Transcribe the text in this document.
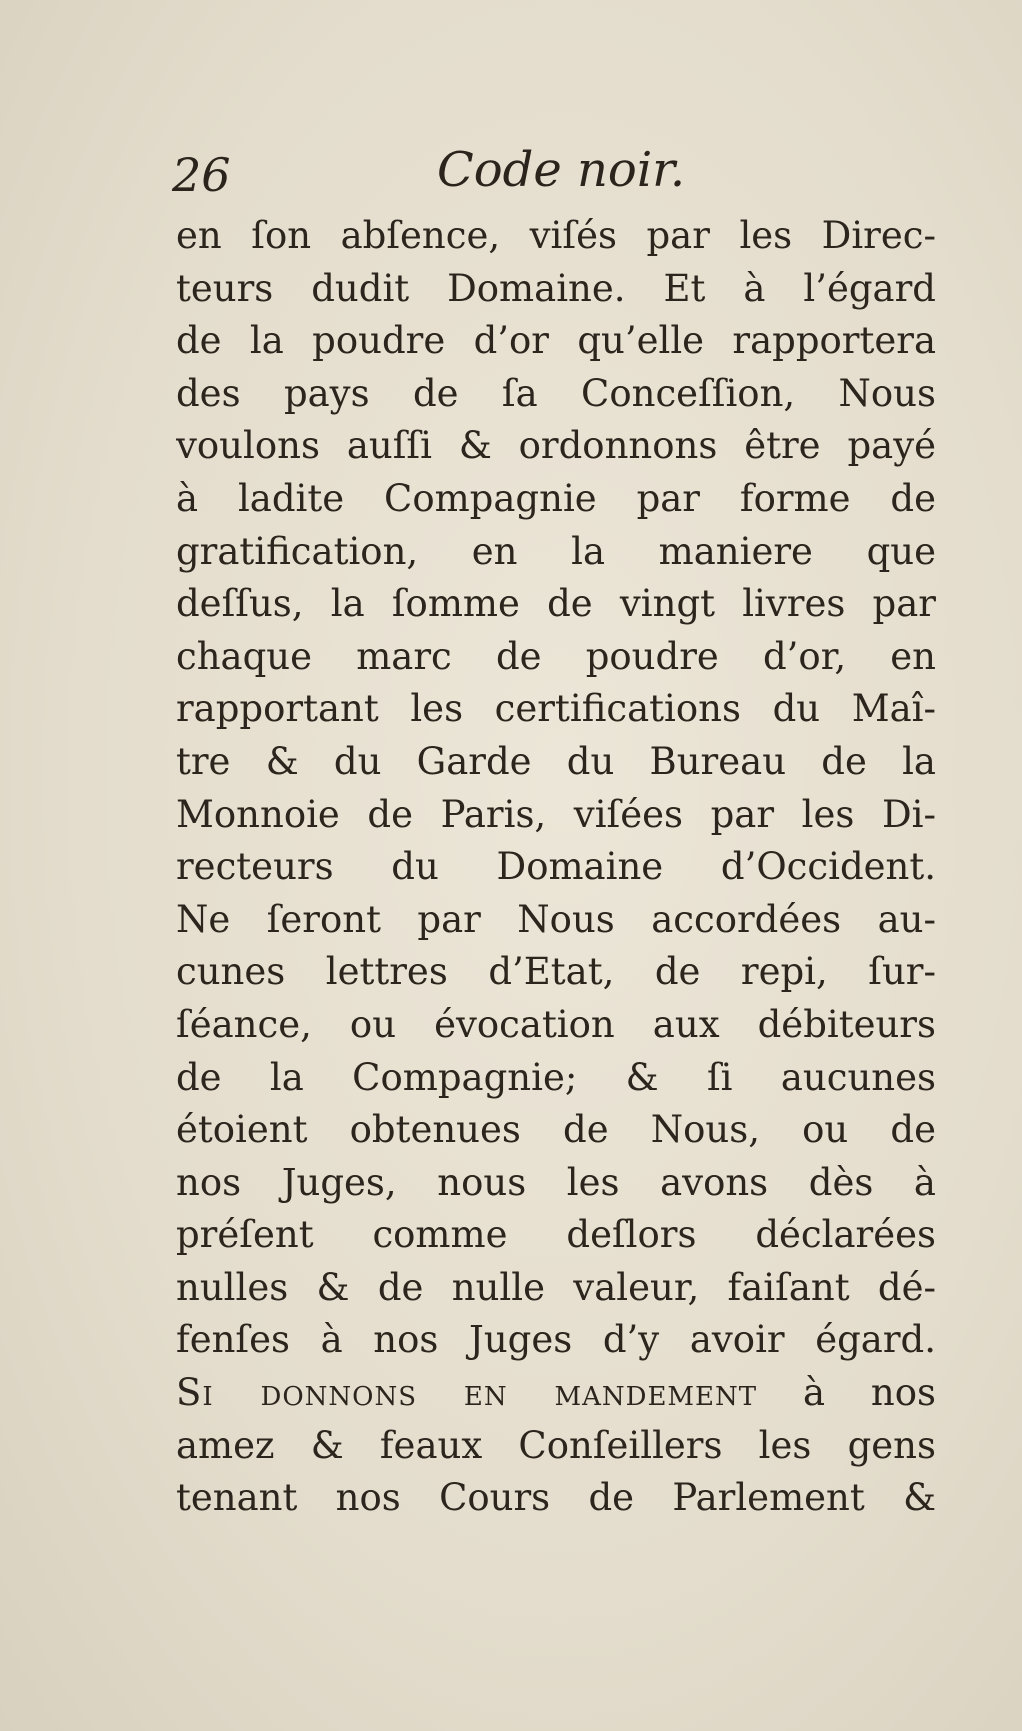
26	Code noir.
en ſon abſence, viſés par les Direc-
teurs dudit Domaine. Et à l’égard
de la poudre d’or qu’elle rapportera
des pays de ſa Conceſſion, Nous
voulons auſſi & ordonnons être payé
à ladite Compagnie par forme de
gratification, en la maniere que
deſſus, la ſomme de vingt livres par
chaque marc de poudre d’or, en
rapportant les certifications du Maî-
tre & du Garde du Bureau de la
Monnoie de Paris, viſées par les Di-
recteurs du Domaine d’Occident.
Ne ſeront par Nous accordées au-
cunes lettres d’Etat, de repi, ſur-
ſéance, ou évocation aux débiteurs
de la Compagnie; & ſi aucunes
étoient obtenues de Nous, ou de
nos Juges, nous les avons dès à
préſent comme deſlors déclarées
nulles & de nulle valeur, faiſant dé-
fenſes à nos Juges d’y avoir égard.
Si donnons en mandement à nos
amez & feaux Conſeillers les gens
tenant nos Cours de Parlement &
